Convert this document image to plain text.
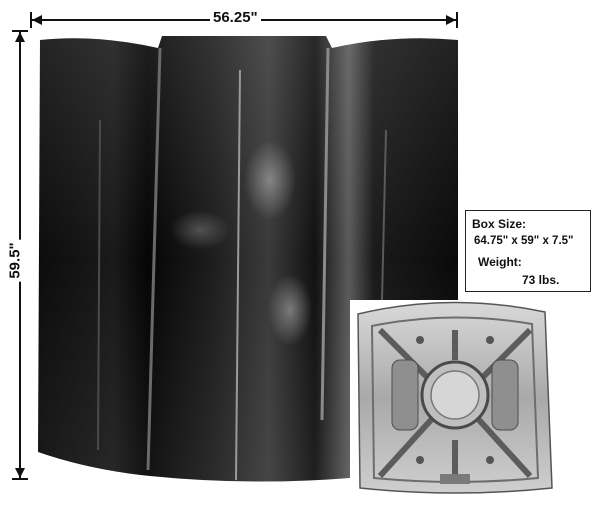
56.25"
59.5"
Box Size:
64.75" x 59" x 7.5"
Weight:
73 lbs.
